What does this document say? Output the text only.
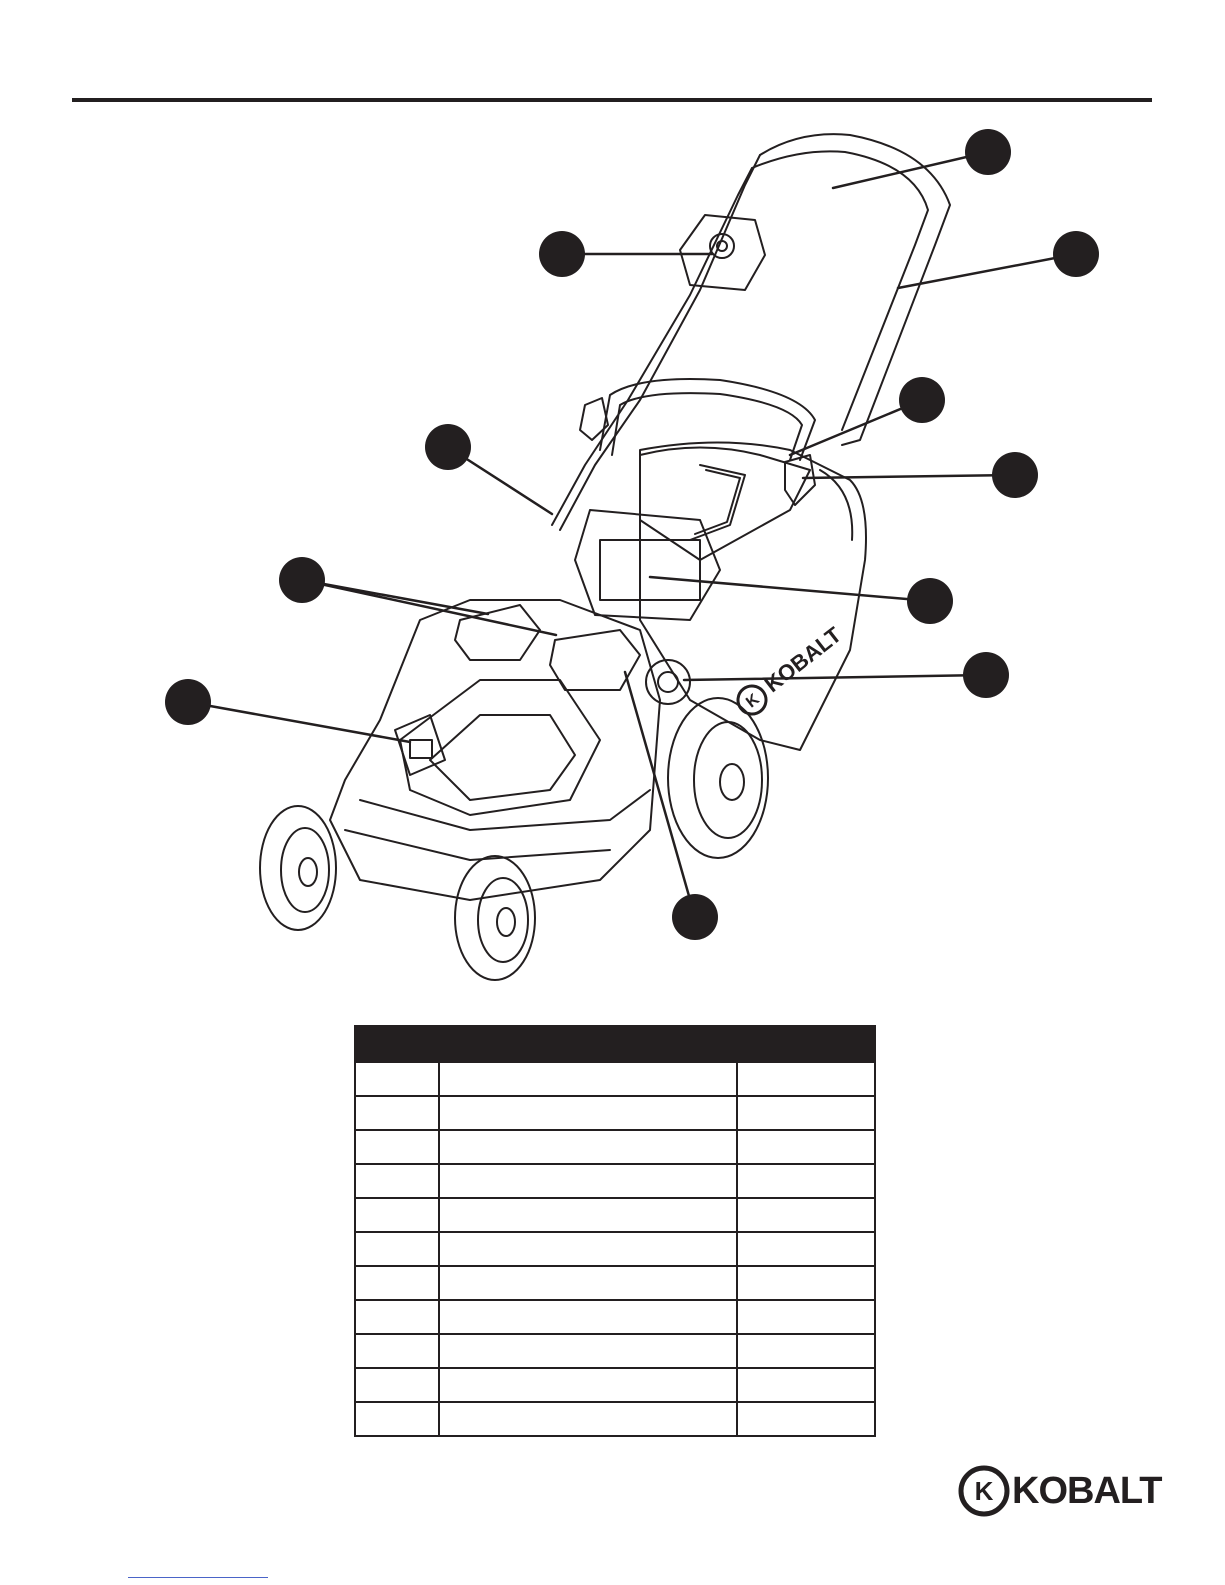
K
KOBALT

K KOBALT
